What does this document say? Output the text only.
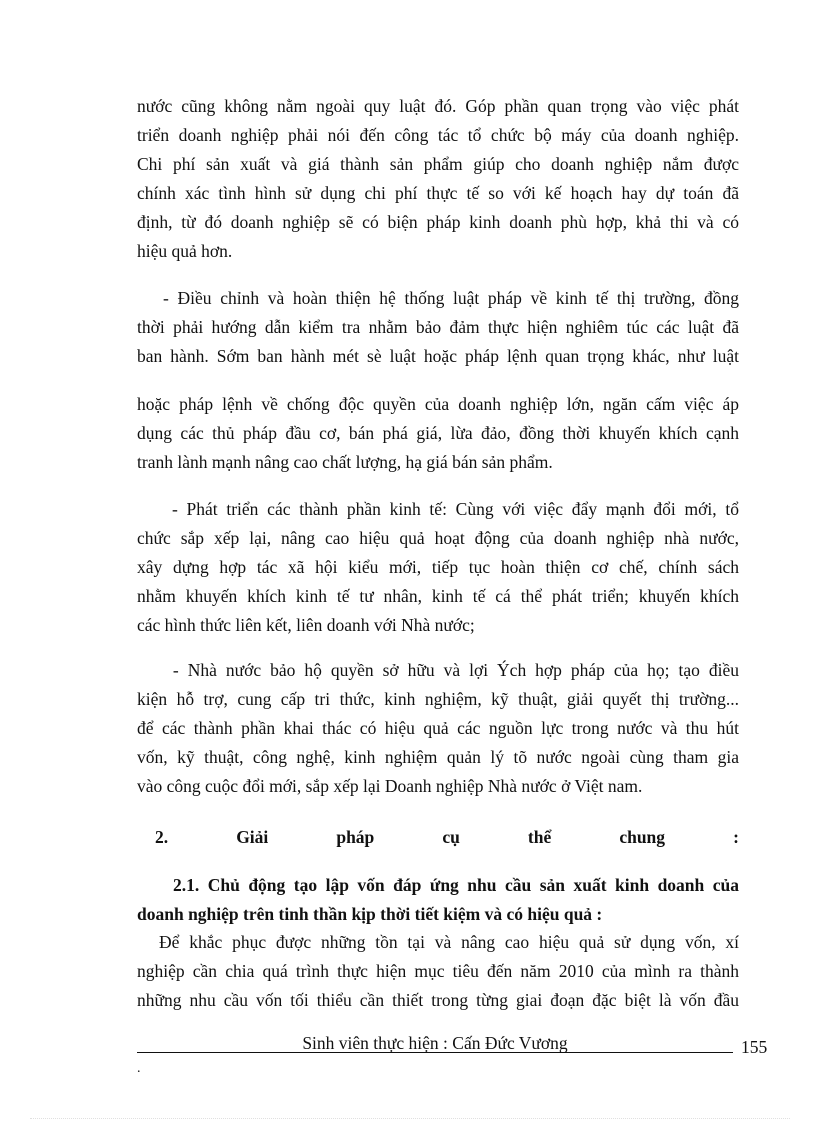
nước cũng không nằm ngoài quy luật đó. Góp phần quan trọng vào việc phát
triển doanh nghiệp phải nói đến công tác tổ chức bộ máy của doanh nghiệp.
Chi phí sản xuất và giá thành sản phẩm giúp cho doanh nghiệp nắm được
chính xác tình hình sử dụng chi phí thực tế so với kế hoạch hay dự toán đã
định, từ đó doanh nghiệp sẽ có biện pháp kinh doanh phù hợp, khả thi và có
hiệu quả hơn.
- Điều chỉnh và hoàn thiện hệ thống luật pháp về kinh tế thị trường, đồng
thời phải hướng dẫn kiểm tra nhằm bảo đảm thực hiện nghiêm túc các luật đã
ban hành. Sớm ban hành mét sè luật hoặc pháp lệnh quan trọng khác, như luật
hoặc pháp lệnh về chống độc quyền của doanh nghiệp lớn, ngăn cấm việc áp
dụng các thủ pháp đầu cơ, bán phá giá, lừa đảo, đồng thời khuyến khích cạnh
tranh lành mạnh nâng cao chất lượng, hạ giá bán sản phẩm.
- Phát triển các thành phần kinh tế: Cùng với việc đẩy mạnh đổi mới, tổ
chức sắp xếp lại, nâng cao hiệu quả hoạt động của doanh nghiệp nhà nước,
xây dựng hợp tác xã hội kiểu mới, tiếp tục hoàn thiện cơ chế, chính sách
nhằm khuyến khích kinh tế tư nhân, kinh tế cá thể phát triển; khuyến khích
các hình thức liên kết, liên doanh với Nhà nước;
- Nhà nước bảo hộ quyền sở hữu và lợi Ých hợp pháp của họ; tạo điều
kiện hỗ trợ, cung cấp tri thức, kinh nghiệm, kỹ thuật, giải quyết thị trường...
để các thành phần khai thác có hiệu quả các nguồn lực trong nước và thu hút
vốn, kỹ thuật, công nghệ, kinh nghiệm quản lý tõ nước ngoài cùng tham gia
vào công cuộc đổi mới, sắp xếp lại Doanh nghiệp Nhà nước ở Việt nam.
2.	Giải	pháp	cụ	thể	chung	:
2.1. Chủ động tạo lập vốn đáp ứng nhu cầu sản xuất kinh doanh của
doanh nghiệp trên tinh thần kịp thời tiết kiệm và có hiệu quả :
Để khắc phục được những tồn tại và nâng cao hiệu quả sử dụng vốn, xí
nghiệp cần chia quá trình thực hiện mục tiêu đến năm 2010 của mình ra thành
những nhu cầu vốn tối thiểu cần thiết trong từng giai đoạn đặc biệt là vốn đầu
Sinh viên thực hiện : Cấn Đức Vương	155
.
